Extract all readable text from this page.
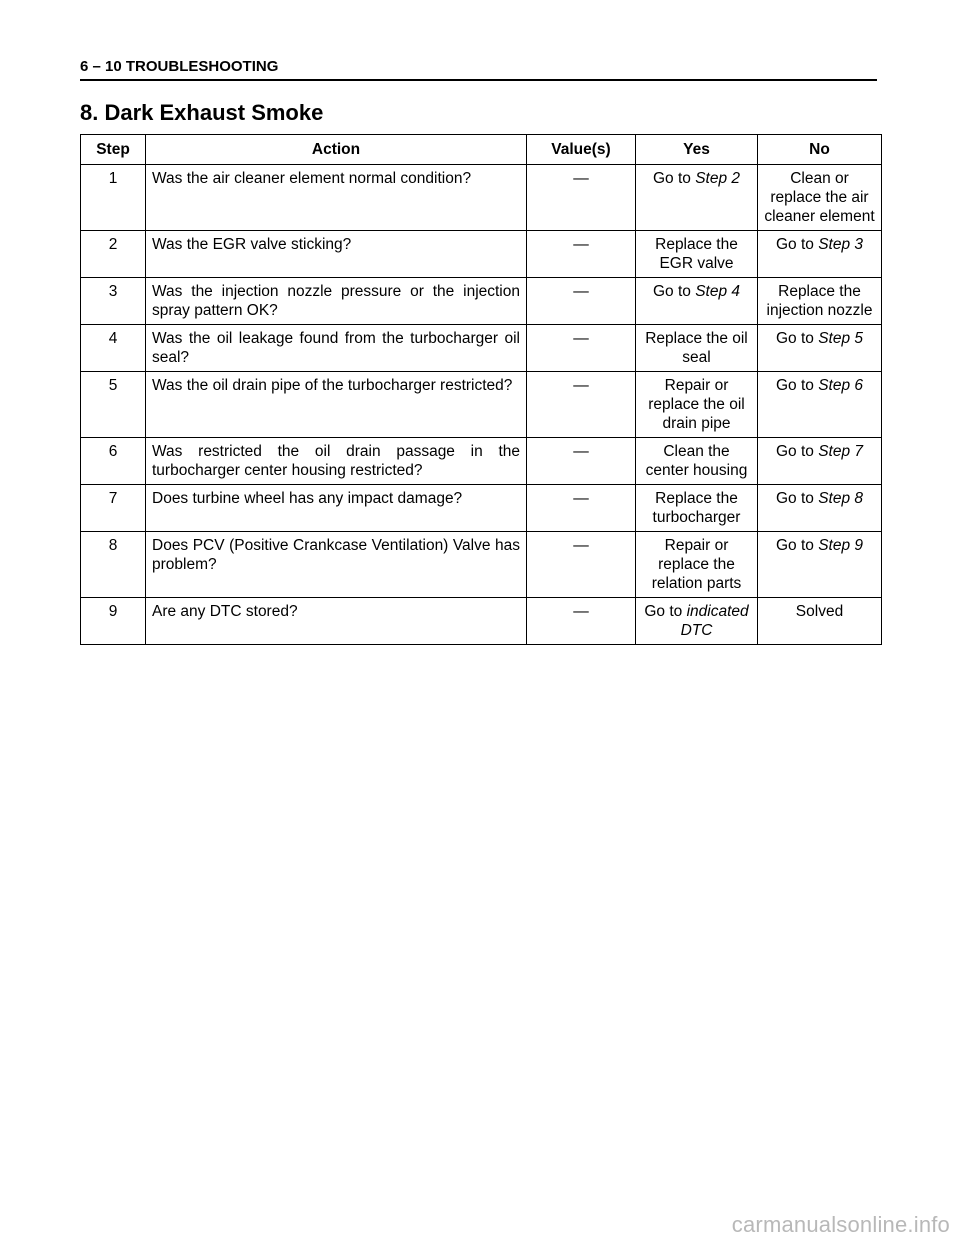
6 – 10 TROUBLESHOOTING
8. Dark Exhaust Smoke
Step	Action	Value(s)	Yes	No
1	Was the air cleaner element normal condition?	—	Go to Step 2	Clean or replace the air cleaner element
2	Was the EGR valve sticking?	—	Replace the EGR valve	Go to Step 3
3	Was the injection nozzle pressure or the injection spray pattern OK?	—	Go to Step 4	Replace the injection nozzle
4	Was the oil leakage found from the turbocharger oil seal?	—	Replace the oil seal	Go to Step 5
5	Was the oil drain pipe of the turbocharger restricted?	—	Repair or replace the oil drain pipe	Go to Step 6
6	Was restricted the oil drain passage in the turbocharger center housing restricted?	—	Clean the center housing	Go to Step 7
7	Does turbine wheel has any impact damage?	—	Replace the turbocharger	Go to Step 8
8	Does PCV (Positive Crankcase Ventilation) Valve has problem?	—	Repair or replace the relation parts	Go to Step 9
9	Are any DTC stored?	—	Go to indicated DTC	Solved
carmanualsonline.info
